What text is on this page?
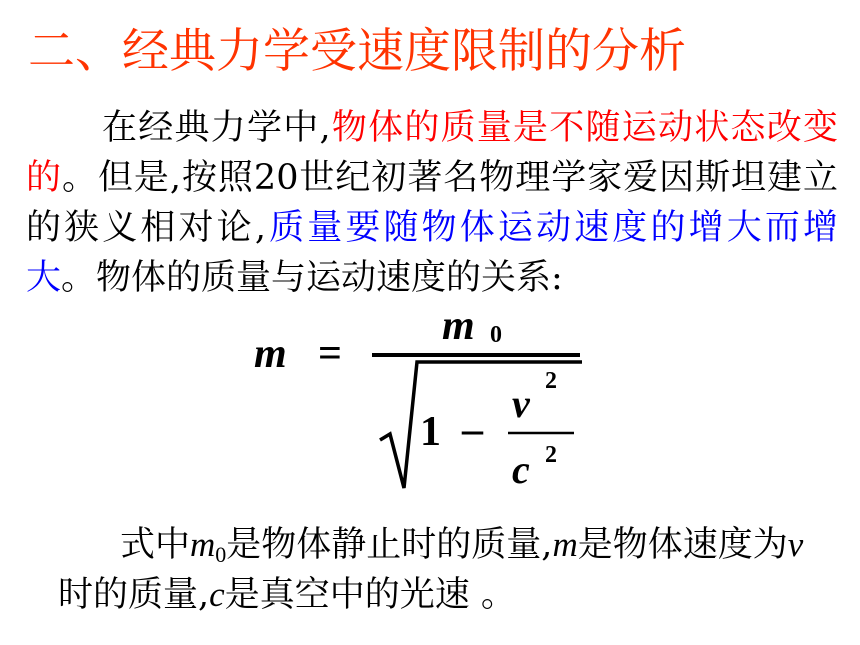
二、经典力学受速度限制的分析
在经典力学中,物体的质量是不随运动状态改变的。但是,按照20世纪初著名物理学家爱因斯坦建立的狭义相对论,质量要随物体运动速度的增大而增大。物体的质量与运动速度的关系:
m =
m 0
1 –
v 2
c 2
式中$m_0$是物体静止时的质量,m是物体速度为v时的质量,c是真空中的光速 。
